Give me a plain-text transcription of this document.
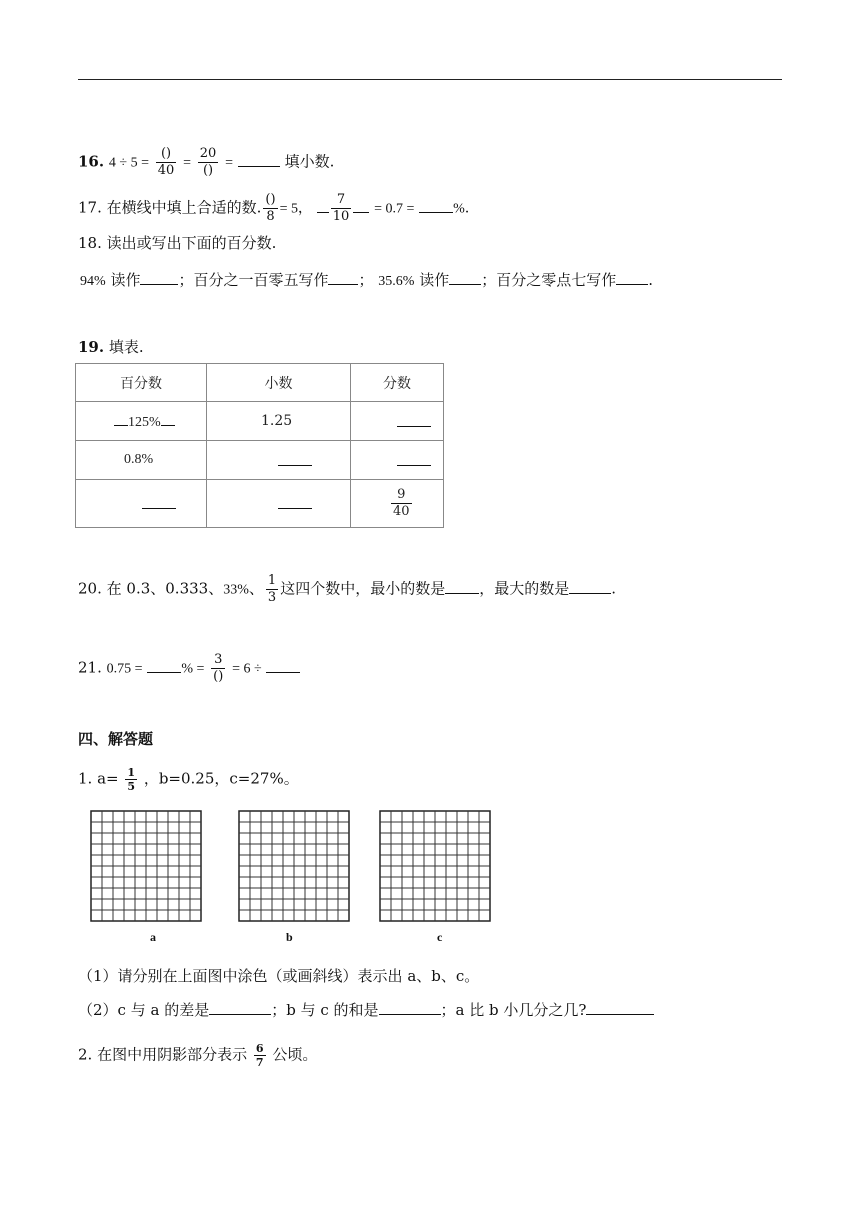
16. $4 \div 5 = \frac{()}{40} = \frac{20}{()}$ =	填小数.
17. 在横线中填上合适的数. $\frac{()}{8} = 5$， $\frac{7}{10} = 0.7$ =	%．
18. 读出或写出下面的百分数.
94% 读作	；百分之一百零五写作 ； 35.6% 读作 ；百分之零点七写作 .
19. 填表.
百分数	小数	分数
125%	1.25	
0.8%		

		$\frac{9}{40}$
20. 在 0.3、0.333、33%、 $\frac{1}{3}$ 这四个数中，最小的数是 ，最大的数是	.
21. 0.75 =	% = $\frac{3}{()} = 6$ ÷
四、解答题
1. $a= \frac{1}{5}$ ，b=0.25，c=27%。
a	b	c
（1）请分别在上面图中涂色（或画斜线）表示出 a、b、c。
（2）c 与 a 的差是	；b 与 c 的和是	；a 比 b 小几分之几?
2. 在图中用阴影部分表示 $\frac{6}{7}$ 公顷。
